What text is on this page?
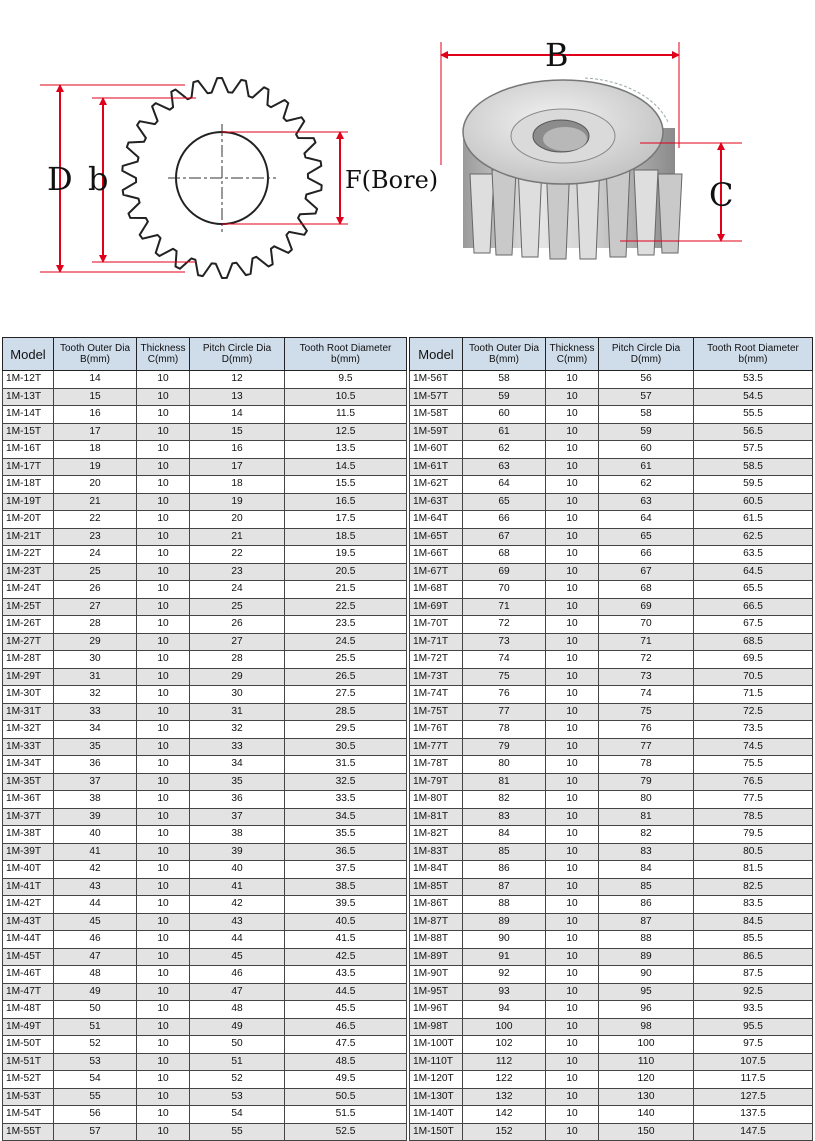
D b	F(Bore)
B
C
Model	Tooth Outer Dia B(mm)	Thickness C(mm)	Pitch Circle Dia D(mm)	Tooth Root Diameter b(mm)
1M-12T	14	10	12	9.5
1M-13T	15	10	13	10.5
1M-14T	16	10	14	11.5
1M-15T	17	10	15	12.5
1M-16T	18	10	16	13.5
1M-17T	19	10	17	14.5
1M-18T	20	10	18	15.5
1M-19T	21	10	19	16.5
1M-20T	22	10	20	17.5
1M-21T	23	10	21	18.5
1M-22T	24	10	22	19.5
1M-23T	25	10	23	20.5
1M-24T	26	10	24	21.5
1M-25T	27	10	25	22.5
1M-26T	28	10	26	23.5
1M-27T	29	10	27	24.5
1M-28T	30	10	28	25.5
1M-29T	31	10	29	26.5
1M-30T	32	10	30	27.5
1M-31T	33	10	31	28.5
1M-32T	34	10	32	29.5
1M-33T	35	10	33	30.5
1M-34T	36	10	34	31.5
1M-35T	37	10	35	32.5
1M-36T	38	10	36	33.5
1M-37T	39	10	37	34.5
1M-38T	40	10	38	35.5
1M-39T	41	10	39	36.5
1M-40T	42	10	40	37.5
1M-41T	43	10	41	38.5
1M-42T	44	10	42	39.5
1M-43T	45	10	43	40.5
1M-44T	46	10	44	41.5
1M-45T	47	10	45	42.5
1M-46T	48	10	46	43.5
1M-47T	49	10	47	44.5
1M-48T	50	10	48	45.5
1M-49T	51	10	49	46.5
1M-50T	52	10	50	47.5
1M-51T	53	10	51	48.5
1M-52T	54	10	52	49.5
1M-53T	55	10	53	50.5
1M-54T	56	10	54	51.5
1M-55T	57	10	55	52.5
Model	Tooth Outer Dia B(mm)	Thickness C(mm)	Pitch Circle Dia D(mm)	Tooth Root Diameter b(mm)
1M-56T	58	10	56	53.5
1M-57T	59	10	57	54.5
1M-58T	60	10	58	55.5
1M-59T	61	10	59	56.5
1M-60T	62	10	60	57.5
1M-61T	63	10	61	58.5
1M-62T	64	10	62	59.5
1M-63T	65	10	63	60.5
1M-64T	66	10	64	61.5
1M-65T	67	10	65	62.5
1M-66T	68	10	66	63.5
1M-67T	69	10	67	64.5
1M-68T	70	10	68	65.5
1M-69T	71	10	69	66.5
1M-70T	72	10	70	67.5
1M-71T	73	10	71	68.5
1M-72T	74	10	72	69.5
1M-73T	75	10	73	70.5
1M-74T	76	10	74	71.5
1M-75T	77	10	75	72.5
1M-76T	78	10	76	73.5
1M-77T	79	10	77	74.5
1M-78T	80	10	78	75.5
1M-79T	81	10	79	76.5
1M-80T	82	10	80	77.5
1M-81T	83	10	81	78.5
1M-82T	84	10	82	79.5
1M-83T	85	10	83	80.5
1M-84T	86	10	84	81.5
1M-85T	87	10	85	82.5
1M-86T	88	10	86	83.5
1M-87T	89	10	87	84.5
1M-88T	90	10	88	85.5
1M-89T	91	10	89	86.5
1M-90T	92	10	90	87.5
1M-95T	93	10	95	92.5
1M-96T	94	10	96	93.5
1M-98T	100	10	98	95.5
1M-100T	102	10	100	97.5
1M-110T	112	10	110	107.5
1M-120T	122	10	120	117.5
1M-130T	132	10	130	127.5
1M-140T	142	10	140	137.5
1M-150T	152	10	150	147.5
